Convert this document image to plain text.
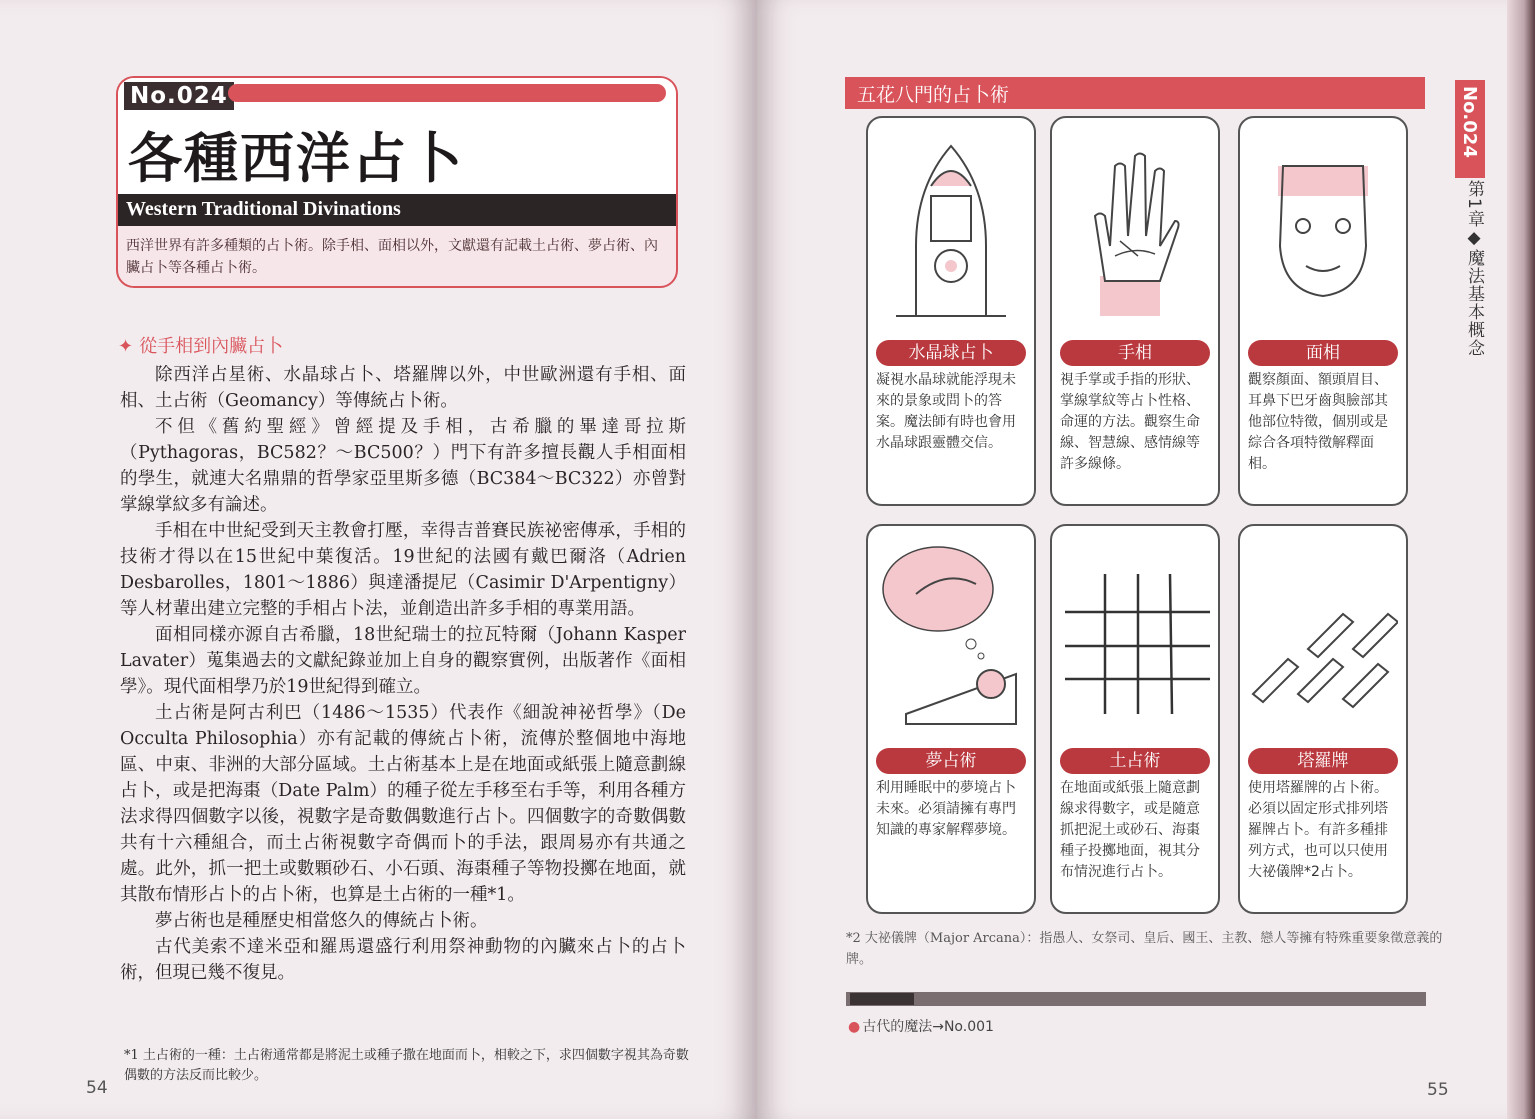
No.024
各種西洋占卜
Western Traditional Divinations
西洋世界有許多種類的占卜術。除手相、面相以外，文獻還有記載土占術、夢占術、內臟占卜等各種占卜術。
✦ 從手相到內臟占卜

除西洋占星術、水晶球占卜、塔羅牌以外，中世歐洲還有手相、面相、土占術（Geomancy）等傳統占卜術。

不但《舊約聖經》曾經提及手相，古希臘的畢達哥拉斯（Pythagoras，BC582？～BC500？）門下有許多擅長觀人手相面相的學生，就連大名鼎鼎的哲學家亞里斯多德（BC384～BC322）亦曾對掌線掌紋多有論述。

手相在中世紀受到天主教會打壓，幸得吉普賽民族祕密傳承，手相的技術才得以在15世紀中葉復活。19世紀的法國有戴巴爾洛（Adrien Desbarolles，1801～1886）與達潘提尼（Casimir D'Arpentigny）等人材輩出建立完整的手相占卜法，並創造出許多手相的專業用語。

面相同樣亦源自古希臘，18世紀瑞士的拉瓦特爾（Johann Kasper Lavater）蒐集過去的文獻紀錄並加上自身的觀察實例，出版著作《面相學》。現代面相學乃於19世紀得到確立。

土占術是阿古利巴（1486～1535）代表作《細說神祕哲學》（De Occulta Philosophia）亦有記載的傳統占卜術，流傳於整個地中海地區、中東、非洲的大部分區域。土占術基本上是在地面或紙張上隨意劃線占卜，或是把海棗（Date Palm）的種子從左手移至右手等，利用各種方法求得四個數字以後，視數字是奇數偶數進行占卜。四個數字的奇數偶數共有十六種組合，而土占術視數字奇偶而卜的手法，跟周易亦有共通之處。此外，抓一把土或數顆砂石、小石頭、海棗種子等物投擲在地面，就其散布情形占卜的占卜術，也算是土占術的一種*1。

夢占術也是種歷史相當悠久的傳統占卜術。

古代美索不達米亞和羅馬還盛行利用祭神動物的內臟來占卜的占卜術，但現已幾不復見。

*1 土占術的一種：土占術通常都是將泥土或種子撒在地面而卜，相較之下，求四個數字視其為奇數偶數的方法反而比較少。
54
五花八門的占卜術
水晶球占卜
凝視水晶球就能浮現未來的景象或問卜的答案。魔法師有時也會用水晶球跟靈體交信。
手相
視手掌或手指的形狀、掌線掌紋等占卜性格、命運的方法。觀察生命線、智慧線、感情線等許多線條。
面相
觀察顏面、額頭眉目、耳鼻下巴牙齒與臉部其他部位特徵，個別或是綜合各項特徵解釋面相。
夢占術
利用睡眠中的夢境占卜未來。必須請擁有專門知識的專家解釋夢境。
土占術
在地面或紙張上隨意劃線求得數字，或是隨意抓把泥土或砂石、海棗種子投擲地面，視其分布情況進行占卜。
塔羅牌
使用塔羅牌的占卜術。必須以固定形式排列塔羅牌占卜。有許多種排列方式，也可以只使用大祕儀牌*2占卜。
*2 大祕儀牌（Major Arcana）：指愚人、女祭司、皇后、國王、主教、戀人等擁有特殊重要象徵意義的牌。
● 古代的魔法→No.001
No.024
第1章◆魔法基本概念
55
